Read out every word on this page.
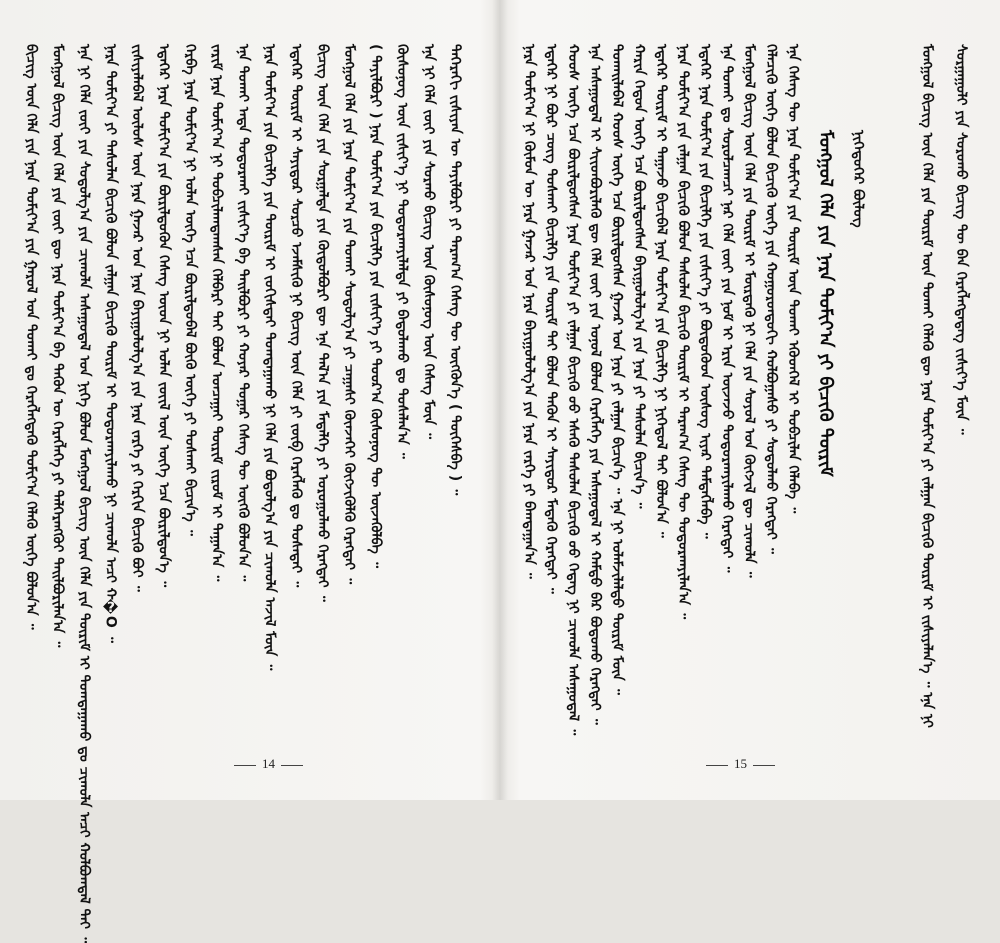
ᠪᠢᠴᠢᠭ ᠦᠨ ᠬᠡᠯᠡ ᠶᠢᠨ ᠨᠡᠷᠡ ᠲᠣᠮᠢᠶ᠎ᠠ ᠶᠢᠨ ᠭᠠᠷᠤᠯ ᠤᠨ ᠲᠤᠬᠠᠢ ᠳᠤ ᠬᠡᠷᠡᠭᠯᠡᠭᠳᠡᠬᠦ ᠲᠣᠮᠢᠶ᠎ᠠ ᠬᠡᠯᠡᠬᠦ ᠦᠭᠡ ᠪᠣᠯᠤᠨ᠎ᠠ ᠃ ᠮᠣᠩᠭᠣᠯ ᠪᠢᠴᠢᠭ ᠦᠨ ᠬᠡᠯᠡ ᠶᠢᠨ ᠵᠦᠢ ᠳᠦ ᠨᠡᠷᠡ ᠲᠣᠮᠢᠶ᠎ᠠ ᠪᠠ ᠲᠡᠭᠦᠨ ᠦ ᠬᠡᠷᠡᠭᠯᠡᠭᠡ ᠶᠢ ᠳᠡᠯᠭᠡᠷᠡᠩᠭᠦᠢ ᠲᠠᠢᠯᠪᠤᠷᠢᠯᠠᠨ᠎ᠠ ᠃ ᠡᠨᠡ ᠨᠢ ᠬᠡᠯᠡ ᠵᠦᠢ ᠶᠢᠨ ᠰᠤᠳᠤᠯᠭ᠎ᠠ ᠶᠢᠨ ᠴᠢᠬᠤᠯᠠ ᠠᠰᠠᠭᠤᠳᠠᠯ ᠤᠨ ᠨᠢᠭᠡ ᠪᠣᠯᠤᠨ ᠮᠣᠩᠭᠣᠯ ᠪᠢᠴᠢᠭ ᠦᠨ ᠬᠡᠯᠡ ᠶᠢᠨ ᠳᠦᠷᠢᠮ ᠢ ᠲᠣᠭᠲᠠᠭᠠᠬᠤ ᠳᠤ ᠴᠢᠬᠤᠯᠠ ᠠᠴᠢ ᠬᠣᠯᠪᠣᠭᠳᠠᠯ ᠲᠠᠢ ᠃ ᠨᠡᠷᠡ ᠲᠣᠮᠢᠶ᠎ᠠ ᠶᠢ ᠲᠠᠰᠤᠯᠠᠨ ᠪᠢᠴᠢᠬᠦ ᠪᠣᠯᠤᠨ ᠵᠠᠯᠭᠠᠨ ᠪᠢᠴᠢᠬᠦ ᠳᠦᠷᠢᠮ ᠢ ᠲᠣᠳᠣᠷᠬᠠᠶᠢᠯᠠᠬᠤ ᠨᠢ ᠴᠢᠬᠤᠯᠠ ᠠᠴᠢ ᠬ�O ᠃ ᠵᠢᠱᠢᠶᠡᠯᠡᠪᠡᠯ ᠦᠯᠦᠰ ᠦᠨ ᠨᠡᠷᠡ ᠭᠠᠵᠠᠷ ᠤᠨ ᠨᠡᠷᠡ ᠪᠠᠶᠢᠭᠤᠯᠤᠯᠭ᠎ᠠ ᠶᠢᠨ ᠨᠡᠷᠡ ᠵᠡᠷᠭᠡ ᠶᠢ ᠬᠡᠷᠬᠢᠨ ᠪᠢᠴᠢᠬᠦ ᠪᠣᠢ ᠃ ᠡᠳᠡᠭᠡᠷ ᠨᠡᠷᠡ ᠲᠣᠮᠢᠶ᠎ᠠ ᠶᠢᠨ ᠪᠦᠷᠢᠯᠳᠦᠬᠦᠨ ᠬᠡᠰᠡᠭ ᠦᠳ ᠨᠢ ᠣᠯᠠᠨ ᠵᠦᠢᠯ ᠦᠨ ᠦᠭᠡ ᠡᠴᠡ ᠪᠦᠷᠢᠯᠳᠦᠨ᠎ᠡ ᠃ ᠬᠡᠷᠪᠡ ᠨᠡᠷᠡ ᠲᠣᠮᠢᠶ᠎ᠠ ᠨᠢ ᠣᠯᠠᠨ ᠦᠭᠡ ᠡᠴᠡ ᠪᠦᠷᠢᠯᠳᠦᠪᠡᠯ ᠪᠦᠬᠦ ᠦᠭᠡ ᠶᠢ ᠲᠤᠰᠬᠠᠢ ᠪᠢᠴᠢᠨ᠎ᠡ ᠃ ᠵᠠᠷᠢᠮ ᠨᠡᠷᠡ ᠲᠣᠮᠢᠶ᠎ᠠ ᠨᠢ ᠲᠣᠪᠴᠢᠯᠠᠭᠳᠠᠭᠰᠠᠨ ᠬᠡᠯᠪᠡᠷᠢ ᠲᠠᠢ ᠪᠣᠯᠤᠨ ᠣᠨᠴᠠᠭᠠᠢ ᠳᠦᠷᠢᠮ ᠵᠢᠷᠤᠮ ᠢ ᠳᠠᠭᠠᠨ᠎ᠠ ᠃ ᠡᠨᠡ ᠲᠤᠬᠠᠢ ᠡᠨᠳᠡ ᠲᠣᠳᠣᠷᠬᠠᠢ ᠵᠢᠱᠢᠶ᠎ᠡ ᠪᠠ ᠲᠠᠢᠯᠪᠤᠷᠢ ᠶᠢ ᠬᠣᠶᠠᠷ ᠳᠤᠭᠠᠷ ᠬᠡᠰᠡᠭ ᠲᠦ ᠦᠭᠬᠦ ᠪᠣᠯᠤᠨ᠎ᠠ ᠃ ᠨᠡᠷᠡ ᠲᠣᠮᠢᠶ᠎ᠠ ᠶᠢᠨ ᠪᠢᠴᠢᠯᠭᠡ ᠶᠢᠨ ᠳᠦᠷᠢᠮ ᠢ ᠵᠣᠬᠢᠰᠲᠠᠢ ᠲᠣᠭᠲᠠᠭᠠᠬᠤ ᠨᠢ ᠬᠡᠯᠡ ᠶᠢᠨ ᠪᠣᠳᠤᠯᠭ᠎ᠠ ᠶᠢᠨ ᠴᠢᠬᠤᠯᠠ ᠠᠵᠢᠯ ᠮᠦᠨ ᠃ ᠡᠳᠡᠭᠡᠷ ᠳᠦᠷᠢᠮ ᠢ ᠰᠠᠶᠢᠲᠤᠷ ᠰᠤᠷᠴᠤ ᠡᠵᠡᠮᠰᠢᠬᠦ ᠨᠢ ᠪᠢᠴᠢᠭ ᠦᠨ ᠬᠡᠯᠡ ᠶᠢ ᠵᠦᠪ ᠬᠡᠷᠡᠭᠯᠡᠬᠦ ᠳᠤ ᠲᠤᠰᠠᠲᠠᠢ ᠃ ᠪᠢᠴᠢᠭ ᠦᠨ ᠬᠡᠯᠡ ᠶᠢᠨ ᠰᠤᠷᠭᠠᠯᠳᠠ ᠶᠢᠨ ᠬᠥᠲᠦᠯᠪᠦᠷᠢ ᠳᠦ ᠡᠨᠡ ᠲᠠᠯ᠎ᠠ ᠶᠢᠨ ᠮᠡᠳᠡᠯᠭᠡ ᠶᠢ ᠣᠷᠣᠭᠤᠯᠬᠤ ᠬᠡᠷᠡᠭᠲᠡᠢ ᠃ ᠮᠣᠩᠭᠣᠯ ᠬᠡᠯᠡ ᠶᠢᠨ ᠨᠡᠷᠡ ᠲᠣᠮᠢᠶ᠎ᠠ ᠶᠢᠨ ᠲᠤᠬᠠᠢ ᠰᠤᠳᠤᠯᠭ᠎ᠠ ᠶᠢ ᠴᠠᠭᠠᠰᠢ ᠭᠦᠨᠵᠡᠭᠡᠢ ᠬᠥᠭᠵᠢᠭᠦᠯᠬᠦ ᠬᠡᠷᠡᠭᠲᠡᠢ ᠃ ( ᠲᠠᠶᠢᠯᠪᠤᠷᠢ ) ᠨᠡᠷᠡ ᠲᠣᠮᠢᠶ᠎ᠠ ᠶᠢᠨ ᠪᠢᠴᠢᠯᠭᠡ ᠶᠢᠨ ᠵᠢᠱᠢᠶ᠎ᠡ ᠶᠢ ᠳᠣᠣᠷ᠎ᠠ ᠬᠦᠰᠦᠨᠦᠭ ᠲᠦ ᠦᠵᠡᠭᠦᠯᠪᠡ ᠃ ᠬᠥᠰᠦᠨᠦᠭ ᠦᠨ ᠵᠢᠱᠢᠶ᠎ᠡ ᠨᠢ ᠲᠣᠳᠣᠷᠬᠠᠶᠢᠯᠠᠯᠲᠠ ᠶᠢ ᠪᠠᠲᠤᠯᠠᠬᠤ ᠳᠤ ᠲᠤᠰᠠᠯᠠᠨ᠎ᠠ ᠃ ᠡᠨᠡ ᠨᠢ ᠬᠡᠯᠡ ᠵᠦᠢ ᠶᠢᠨ ᠰᠤᠷᠬᠤ ᠪᠢᠴᠢᠭ ᠦᠨ ᠬᠦᠰᠦᠨᠦᠭ ᠦᠨ ᠬᠡᠰᠡᠭ ᠮᠦᠨ ᠃ ᠳᠡᠭᠡᠷᠡᠬᠢ ᠵᠢᠱᠢᠶᠡᠨ ᠦ ᠲᠠᠶᠢᠯᠪᠤᠷᠢ ᠶᠢ ᠳᠠᠷᠠᠭ᠎ᠠ ᠬᠡᠰᠡᠭ ᠲᠦ ᠦᠭᠭᠦᠨ᠎ᠡ ( ᠲᠦᠭᠡᠰᠪᠡ ) ᠃
14
ᠮᠣᠩᠭᠣᠯ ᠪᠢᠴᠢᠭ ᠦᠨ ᠬᠡᠯᠡ ᠶᠢᠨ ᠳᠦᠷᠢᠮ ᠦᠨ ᠲᠤᠬᠠᠢ ᠬᠡᠯᠡᠬᠦ ᠳᠦ ᠨᠡᠷᠡ ᠲᠣᠮᠢᠶ᠎ᠠ ᠶᠢ ᠵᠠᠯᠭᠠᠨ ᠪᠢᠴᠢᠬᠦ ᠳᠦᠷᠢᠮ ᠢ ᠵᠢᠱᠢᠶᠡᠯᠡᠨ᠎ᠡ ᠃ ᠡᠨᠡ ᠨᠢ ᠰᠤᠷᠭᠠᠭᠤᠯᠢ ᠶᠢᠨ ᠰᠤᠷᠤᠬᠤ ᠪᠢᠴᠢᠭ ᠲᠦ ᠪᠠᠨ ᠬᠡᠷᠡᠭᠯᠡᠭᠳᠡᠳᠡᠭ ᠵᠢᠱᠢᠶ᠎ᠡ ᠮᠦᠨ ᠃
ᠮᠣᠩᠭᠣᠯ ᠬᠡᠯᠡ ᠶᠢᠨ ᠨᠡᠷᠡ ᠲᠣᠮᠢᠶ᠎ᠠ ᠶᠢ ᠪᠢᠴᠢᠬᠦ ᠳᠦᠷᠢᠮ ᠨᠢᠭᠡᠳᠦᠭᠡᠷ ᠪᠦᠯᠦᠭ
ᠨᠡᠷᠡ ᠲᠣᠮᠢᠶ᠎ᠠ ᠨᠢ ᠬᠦᠮᠦᠨ ᠦ ᠨᠡᠷᠡ ᠭᠠᠵᠠᠷ ᠤᠨ ᠨᠡᠷᠡ ᠪᠠᠶᠢᠭᠤᠯᠤᠯᠭ᠎ᠠ ᠶᠢᠨ ᠨᠡᠷᠡ ᠵᠡᠷᠭᠡ ᠶᠢ ᠪᠠᠭᠲᠠᠭᠠᠨ᠎ᠠ ᠃ ᠡᠳᠡᠭᠡᠷ ᠨᠢ ᠪᠦᠷ ᠴᠥᠭ ᠲᠤᠰᠬᠠᠢ ᠪᠢᠴᠢᠯᠭᠡ ᠶᠢᠨ ᠳᠦᠷᠢᠮ ᠲᠠᠢ ᠪᠣᠯᠤᠨ ᠲᠡᠭᠦᠨ ᠢ ᠰᠠᠶᠢᠲᠤᠷ ᠮᠡᠳᠡᠬᠦ ᠬᠡᠷᠡᠭᠲᠡᠢ ᠃ ᠬᠣᠣᠰ ᠦᠭᠡ ᠡᠴᠡ ᠪᠦᠷᠢᠯᠳᠦᠭᠰᠡᠨ ᠨᠡᠷᠡ ᠲᠣᠮᠢᠶ᠎ᠠ ᠶᠢ ᠵᠠᠯᠭᠠᠨ ᠪᠢᠴᠢᠬᠦ ᠦᠦ ᠡᠰᠡᠬᠦ ᠲᠠᠰᠤᠯᠠᠨ ᠪᠢᠴᠢᠬᠦ ᠦᠦ ᠭᠡᠳᠡᠭ ᠨᠢ ᠴᠢᠬᠤᠯᠠ ᠠᠰᠠᠭᠤᠳᠠᠯ ᠃ ᠡᠨᠡ ᠠᠰᠠᠭᠤᠳᠠᠯ ᠢ ᠰᠢᠢᠳᠪᠦᠷᠢᠯᠡᠬᠦ ᠳᠦ ᠬᠡᠯᠡ ᠵᠦᠢ ᠶᠢᠨ ᠣᠨᠣᠯ ᠪᠣᠯᠤᠨ ᠬᠡᠷᠡᠭᠯᠡᠭᠡ ᠶᠢᠨ ᠠᠰᠠᠭᠤᠳᠠᠯ ᠢ ᠬᠠᠮᠲᠤ ᠪᠠᠷ ᠪᠣᠳᠣᠬᠤ ᠬᠡᠷᠡᠭᠲᠡᠢ ᠃ ᠲᠤᠬᠠᠢᠯᠠᠪᠠᠯ ᠬᠣᠣᠰ ᠦᠭᠡ ᠡᠴᠡ ᠪᠦᠷᠢᠯᠳᠦᠭᠰᠡᠨ ᠭᠠᠵᠠᠷ ᠤᠨ ᠨᠡᠷᠡ ᠶᠢ ᠵᠠᠯᠭᠠᠨ ᠪᠢᠴᠢᠨ᠎ᠡ ᠃ ᠡᠨᠡ ᠨᠢ ᠤᠯᠠᠮᠵᠢᠯᠠᠯᠲᠤ ᠳᠦᠷᠢᠮ ᠮᠦᠨ ᠃ ᠬᠠᠷᠢᠨ ᠬᠡᠳᠦᠨ ᠦᠭᠡ ᠡᠴᠡ ᠪᠦᠷᠢᠯᠳᠦᠭᠰᠡᠨ ᠪᠠᠶᠢᠭᠤᠯᠤᠯᠭ᠎ᠠ ᠶᠢᠨ ᠨᠡᠷᠡ ᠶᠢ ᠲᠠᠰᠤᠯᠠᠨ ᠪᠢᠴᠢᠨ᠎ᠡ ᠃ ᠡᠳᠡᠭᠡᠷ ᠳᠦᠷᠢᠮ ᠢ ᠳᠠᠭᠠᠵᠤ ᠪᠢᠴᠢᠪᠡᠯ ᠨᠡᠷᠡ ᠲᠣᠮᠢᠶ᠎ᠠ ᠶᠢᠨ ᠪᠢᠴᠢᠯᠭᠡ ᠨᠢ ᠨᠢᠭᠡᠳᠦᠯ ᠲᠡᠢ ᠪᠣᠯᠤᠨ᠎ᠠ ᠃ ᠨᠡᠷᠡ ᠲᠣᠮᠢᠶ᠎ᠠ ᠶᠢᠨ ᠵᠠᠯᠭᠠᠨ ᠪᠢᠴᠢᠬᠦ ᠪᠣᠯᠤᠨ ᠲᠠᠰᠤᠯᠠᠨ ᠪᠢᠴᠢᠬᠦ ᠳᠦᠷᠢᠮ ᠢ ᠳᠠᠷᠠᠭ᠎ᠠ ᠬᠡᠰᠡᠭ ᠲᠦ ᠲᠣᠳᠣᠷᠬᠠᠶᠢᠯᠠᠨ᠎ᠠ ᠃ ᠡᠳᠡᠭᠡᠷ ᠨᠡᠷᠡ ᠲᠣᠮᠢᠶ᠎ᠠ ᠶᠢᠨ ᠪᠢᠴᠢᠯᠭᠡ ᠶᠢᠨ ᠵᠢᠱᠢᠶ᠎ᠡ ᠶᠢ ᠪᠦᠳᠦᠭᠦᠦᠨ ᠦᠰᠦᠭ ᠢᠶᠡᠷ ᠲᠡᠮᠳᠡᠭᠯᠡᠪᠡ ᠃ ᠡᠨᠡ ᠲᠤᠬᠠᠢ ᠳᠤ ᠰᠤᠷᠤᠯᠴᠠᠭᠴᠢ ᠨᠠᠷ ᠬᠡᠯᠡ ᠵᠦᠢ ᠶᠢᠨ ᠨᠣᠮ ᠢ ᠡᠷᠢᠨ ᠦᠵᠡᠵᠦ ᠲᠣᠳᠣᠷᠬᠠᠶᠢᠯᠠᠬᠤ ᠬᠡᠷᠡᠭᠲᠡᠢ ᠃ ᠮᠣᠩᠭᠣᠯ ᠪᠢᠴᠢᠭ ᠦᠨ ᠬᠡᠯᠡ ᠶᠢᠨ ᠳᠦᠷᠢᠮ ᠢ ᠮᠦᠷᠳᠡᠬᠦ ᠨᠢ ᠬᠡᠯᠡ ᠶᠢᠨ ᠰᠣᠶᠣᠯ ᠤᠨ ᠬᠥᠭᠵᠢᠯ ᠳᠦ ᠴᠢᠬᠤᠯᠠ ᠃ ᠬᠡᠯᠡᠴᠢᠬᠦ ᠦᠭᠡ ᠪᠣᠯᠤᠨ ᠪᠢᠴᠢᠬᠦ ᠦᠭᠡ ᠶᠢᠨ ᠬᠣᠭᠣᠷᠣᠨᠳᠤᠬᠢ ᠬᠣᠯᠪᠣᠭᠠᠰᠤ ᠶᠢ ᠰᠤᠳᠤᠯᠬᠤ ᠬᠡᠷᠡᠭᠲᠡᠢ ᠃ ᠡᠨᠡ ᠬᠡᠰᠡᠭ ᠲᠦ ᠨᠡᠷᠡ ᠲᠣᠮᠢᠶ᠎ᠠ ᠶᠢᠨ ᠳᠦᠷᠢᠮ ᠦᠨ ᠲᠤᠬᠠᠢ ᠡᠭᠦᠳᠭᠡᠯ ᠢ ᠲᠣᠪᠴᠢᠯᠠᠨ ᠬᠡᠯᠡᠪᠡ ᠃
15
